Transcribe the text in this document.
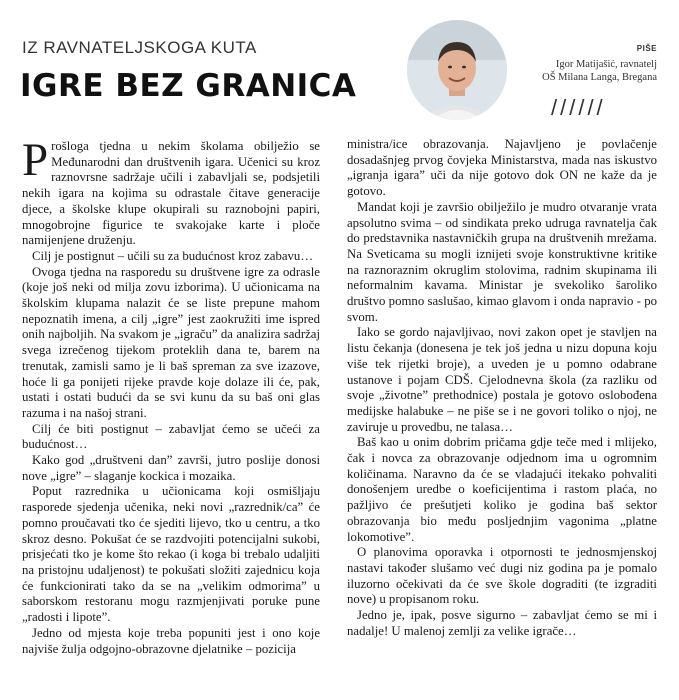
IZ RAVNATELJSKOGA KUTA
IGRE BEZ GRANICA
PIŠE
Igor Matijašić, ravnatelj
OŠ Milana Langa, Bregana
//////

Prošloga tjedna u nekim školama obilježio se Međunarodni dan društvenih igara. Učenici su kroz raznovrsne sadržaje učili i zabavljali se, podsjetili nekih igara na kojima su odrastale čitave generacije djece, a školske klupe okupirali su raznobojni papiri, mnogobrojne figurice te svakojake karte i ploče namijenjene druženju.

Cilj je postignut – učili su za budućnost kroz zabavu…

Ovoga tjedna na rasporedu su društvene igre za odrasle (koje još neki od milja zovu izborima). U učionicama na školskim klupama nalazit će se liste prepune mahom nepoznatih imena, a cilj „igre” jest zaokružiti ime ispred onih najboljih. Na svakom je „igraču” da analizira sadržaj svega izrečenog tijekom proteklih dana te, barem na trenutak, zamisli samo je li baš spreman za sve izazove, hoće li ga ponijeti rijeke pravde koje dolaze ili će, pak, ustati i ostati budući da se svi kunu da su baš oni glas razuma i na našoj strani.

Cilj će biti postignut – zabavljat ćemo se učeći za budućnost…

Kako god „društveni dan” završi, jutro poslije donosi nove „igre” – slaganje kockica i mozaika.

Poput razrednika u učionicama koji osmišljaju rasporede sjedenja učenika, neki novi „razrednik/ca” će pomno proučavati tko će sjediti lijevo, tko u centru, a tko skroz desno. Pokušat će se razdvojiti potencijalni sukobi, prisjećati tko je kome što rekao (i koga bi trebalo udaljiti na pristojnu udaljenost) te pokušati složiti zajednicu koja će funkcionirati tako da se na „velikim odmorima” u saborskom restoranu mogu razmjenjivati poruke pune „radosti i lipote”.

Jedno od mjesta koje treba popuniti jest i ono koje najviše žulja odgojno-obrazovne djelatnike – pozicija

ministra/ice obrazovanja. Najavljeno je povlačenje dosadašnjeg prvog čovjeka Ministarstva, mada nas iskustvo „igranja igara” uči da nije gotovo dok ON ne kaže da je gotovo.

Mandat koji je završio obilježilo je mudro otvaranje vrata apsolutno svima – od sindikata preko udruga ravnatelja čak do predstavnika nastavničkih grupa na društvenih mrežama. Na Sveticama su mogli iznijeti svoje konstruktivne kritike na raznoraznim okruglim stolovima, radnim skupinama ili neformalnim kavama. Ministar je svekoliko šaroliko društvo pomno saslušao, kimao glavom i onda napravio - po svom.

Iako se gordo najavljivao, novi zakon opet je stavljen na listu čekanja (donesena je tek još jedna u nizu dopuna koju više tek rijetki broje), a uveden je u pomno odabrane ustanove i pojam CDŠ. Cjelodnevna škola (za razliku od svoje „životne” prethodnice) postala je gotovo oslobođena medijske halabuke – ne piše se i ne govori toliko o njoj, ne zaviruje u provedbu, ne talasa…

Baš kao u onim dobrim pričama gdje teče med i mlijeko, čak i novca za obrazovanje odjednom ima u ogromnim količinama. Naravno da će se vladajući itekako pohvaliti donošenjem uredbe o koeficijentima i rastom plaća, no pažljivo će prešutjeti koliko je godina baš sektor obrazovanja bio među posljednjim vagonima „platne lokomotive”.

O planovima oporavka i otpornosti te jednosmjenskoj nastavi također slušamo već dugi niz godina pa je pomalo iluzorno očekivati da će sve škole dograditi (te izgraditi nove) u propisanom roku.

Jedno je, ipak, posve sigurno – zabavljat ćemo se mi i nadalje! U malenoj zemlji za velike igrače…
